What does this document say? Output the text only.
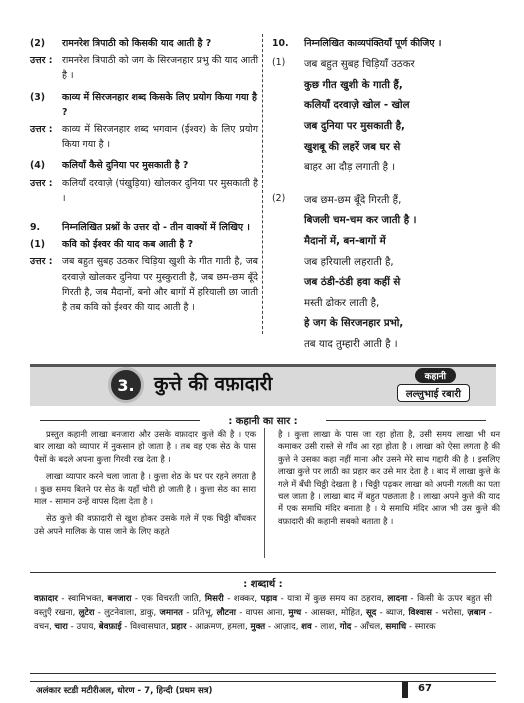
(2)	रामनरेश त्रिपाठी को किसकी याद आती है ?
उत्तर :	रामनरेश त्रिपाठी को जग के सिरजनहार प्रभु की याद आती है ।
(3)	काव्य में सिरजनहार शब्द किसके लिए प्रयोग किया गया है ?
उत्तर :	काव्य में सिरजनहार शब्द भगवान (ईश्वर) के लिए प्रयोग किया गया है ।
(4)	कलियाँ कैसे दुनिया पर मुसकाती है ?
उत्तर :	कलियाँ दरवाज़े (पंखुड़िया) खोलकर दुनिया पर मुसकाती है ।
9.	निम्नलिखित प्रश्नों के उत्तर दो - तीन वाक्यों में लिखिए ।
(1)	कवि को ईश्वर की याद कब आती है ?
उत्तर :	जब बहुत सुबह उठकर चिड़िया खुशी के गीत गाती है, जब दरवाज़े खोलकर दुनिया पर मुस्कुराती है, जब छम-छम बूँदे गिरती है, जब मैदानों, बनो और बागों में हरियाली छा जाती है तब कवि को ईश्वर की याद आती है ।
10.	निम्नलिखित काव्यपंक्तियाँ पूर्ण कीजिए ।
(1)	जब बहुत सुबह चिड़ियाँ उठकर
कुछ गीत खुशी के गाती हैं,
कलियाँ दरवाज़े खोल - खोल
जब दुनिया पर मुसकाती है,
खुशबू की लहरें जब घर से
बाहर आ दौड़ लगाती है ।
(2)	जब छम-छम बूँदे गिरती हैं,
बिजली चम-चम कर जाती है ।
मैदानों में, बन-बागों में
जब हरियाली लहराती है,
जब ठंडी-ठंडी हवा कहीं से
मस्ती ढोकर लाती है,
हे जग के सिरजनहार प्रभो,
तब याद तुम्हारी आती है ।
3.	कुत्ते की वफ़ादारी	कहानी
लल्लुभाई रबारी
: कहानी का सार :

प्रस्तुत कहानी लाखा बनजारा और उसके वफ़ादार कुत्ते की है । एक बार लाखा को व्यापार में नुकसान हो जाता है । तब वह एक सेठ के पास पैसों के बदले अपना कुत्ता गिरवी रख देता है ।

लाखा व्यापार करने चला जाता है । कुत्ता शेठ के घर पर रहने लगता है । कुछ समय बितने पर सेठ के यहाँ चोरी हो जाती है । कुत्ता सेठ का सारा माल - सामान उन्हें वापस दिला देता है ।

सेठ कुत्ते की वफ़ादारी से खुश होकर उसके गले में एक चिठ्ठी बाँधकर उसे अपने मालिक के पास जाने के लिए कहते

है । कुत्ता लाखा के पास जा रहा होता है, उसी समय लाखा भी धन कमाकर उसी रास्ते से गाँव आ रहा होता है । लाखा को ऐसा लगता है की कुत्ते ने उसका कहा नहीं माना और उसने मेरे साथ गद्दारी की है । इसलिए लाखा कुत्ते पर लाठी का प्रहार कर उसे मार देता है । बाद में लाखा कुत्ते के गले में बँधी चिठ्ठी देखता है । चिठ्ठी पढ़कर लाखा को अपनी गलती का पता चल जाता है । लाखा बाद में बहुत पछताता है । लाखा अपने कुत्ते की याद में एक समाधि मंदिर बनाता है । ये समाधि मंदिर आज भी उस कुत्ते की वफ़ादारी की कहानी सबको बताता है ।

: शब्दार्थ :
वफ़ादार - स्वामिभक्त, बनजारा - एक विचरती जाति, मिसरी - शक्कर, पड़ाव - यात्रा में कुछ समय का ठहराव, लादना - किसी के ऊपर बहुत सी वस्तुएँ रखना, लुटेरा - लुटनेवाला, डाकु, जमानत - प्रतिभू, लौटना - वापस आना, मुग्ध - आसक्त, मोहित, सूद - ब्याज, विश्वास - भरोसा, ज़बान - वचन, चारा - उपाय, बेवफ़ाई - विश्वासघात, प्रहार - आक्रमण, हमला, मुक्त - आज़ाद, शव - लाश, गोद - आँचल, समाधि - स्मारक
अलंकार स्टडी मटीरीअल, धोरण - 7, हिन्दी (प्रथम सत्र)	67
